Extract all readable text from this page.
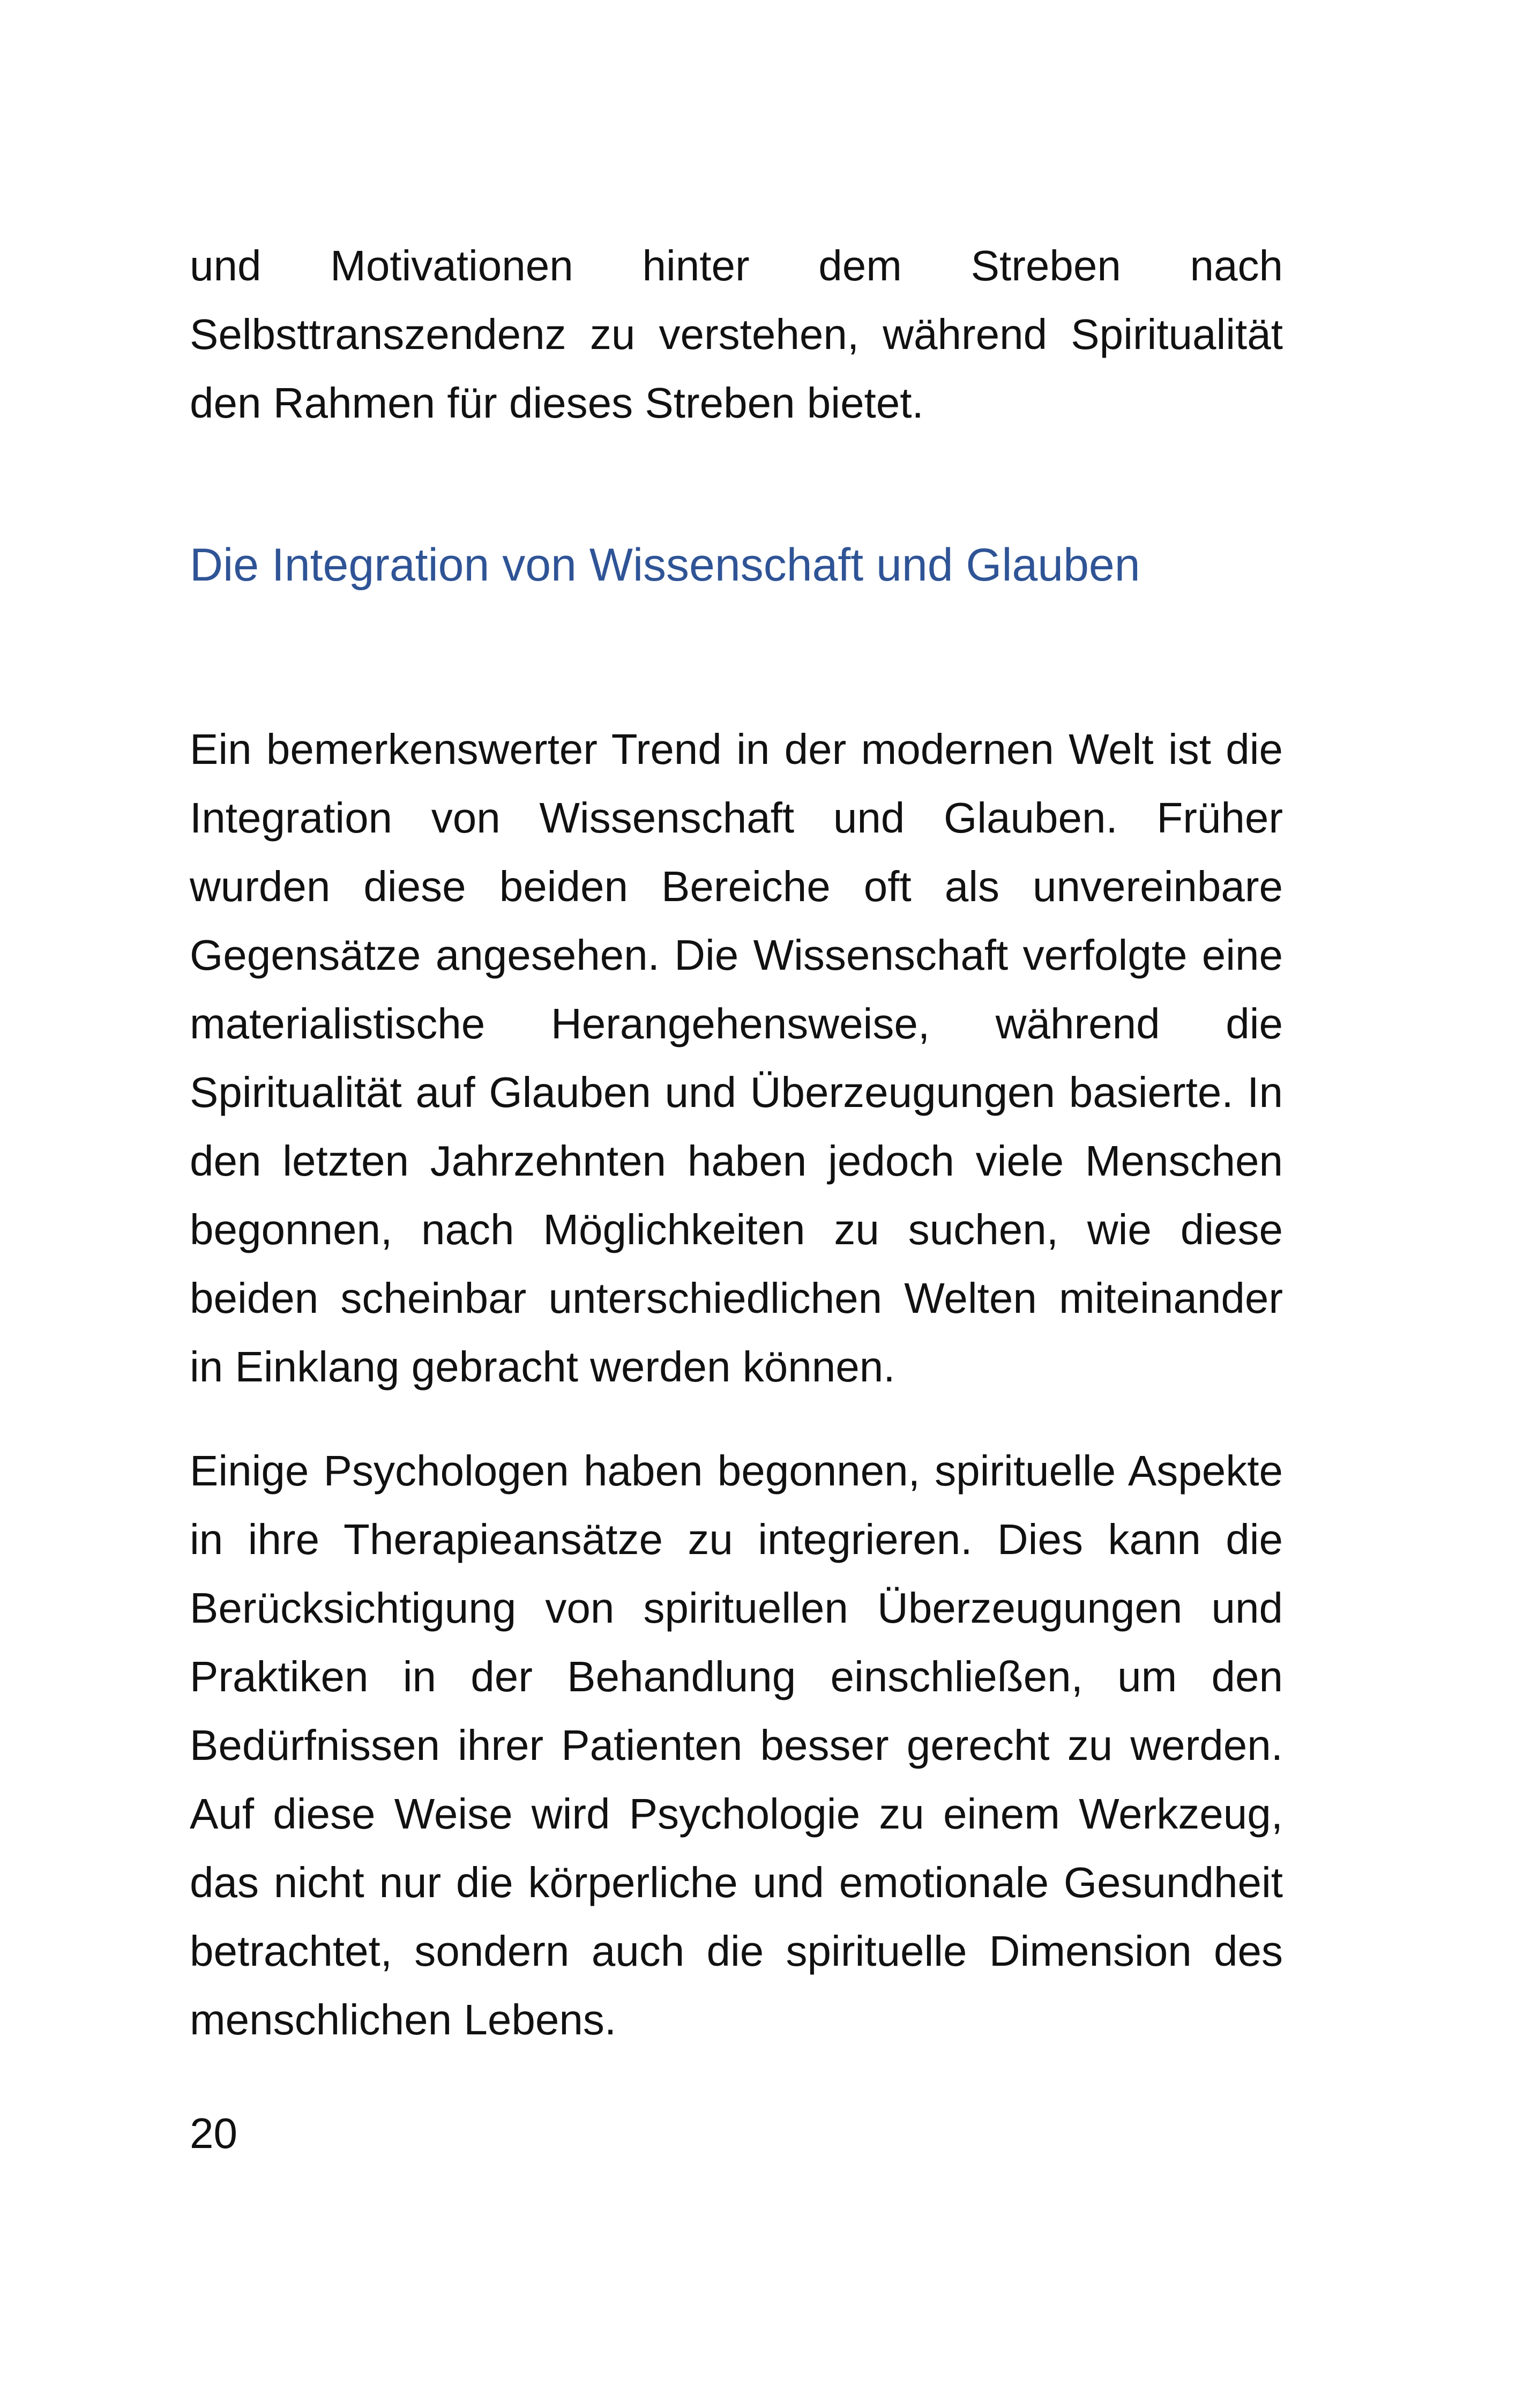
und Motivationen hinter dem Streben nach Selbsttranszendenz zu verstehen, während Spiritualität den Rahmen für dieses Streben bietet.

Die Integration von Wissenschaft und Glauben

Ein bemerkenswerter Trend in der modernen Welt ist die Integration von Wissenschaft und Glauben. Früher wurden diese beiden Bereiche oft als unvereinbare Gegensätze angesehen. Die Wissenschaft verfolgte eine materialistische Herangehensweise, während die Spiritualität auf Glauben und Überzeugungen basierte. In den letzten Jahrzehnten haben jedoch viele Menschen begonnen, nach Möglichkeiten zu suchen, wie diese beiden scheinbar unterschiedlichen Welten miteinander in Einklang gebracht werden können.

Einige Psychologen haben begonnen, spirituelle Aspekte in ihre Therapieansätze zu integrieren. Dies kann die Berücksichtigung von spirituellen Überzeugungen und Praktiken in der Behandlung einschließen, um den Bedürfnissen ihrer Patienten besser gerecht zu werden. Auf diese Weise wird Psychologie zu einem Werkzeug, das nicht nur die körperliche und emotionale Gesundheit betrachtet, sondern auch die spirituelle Dimension des menschlichen Lebens.

20
